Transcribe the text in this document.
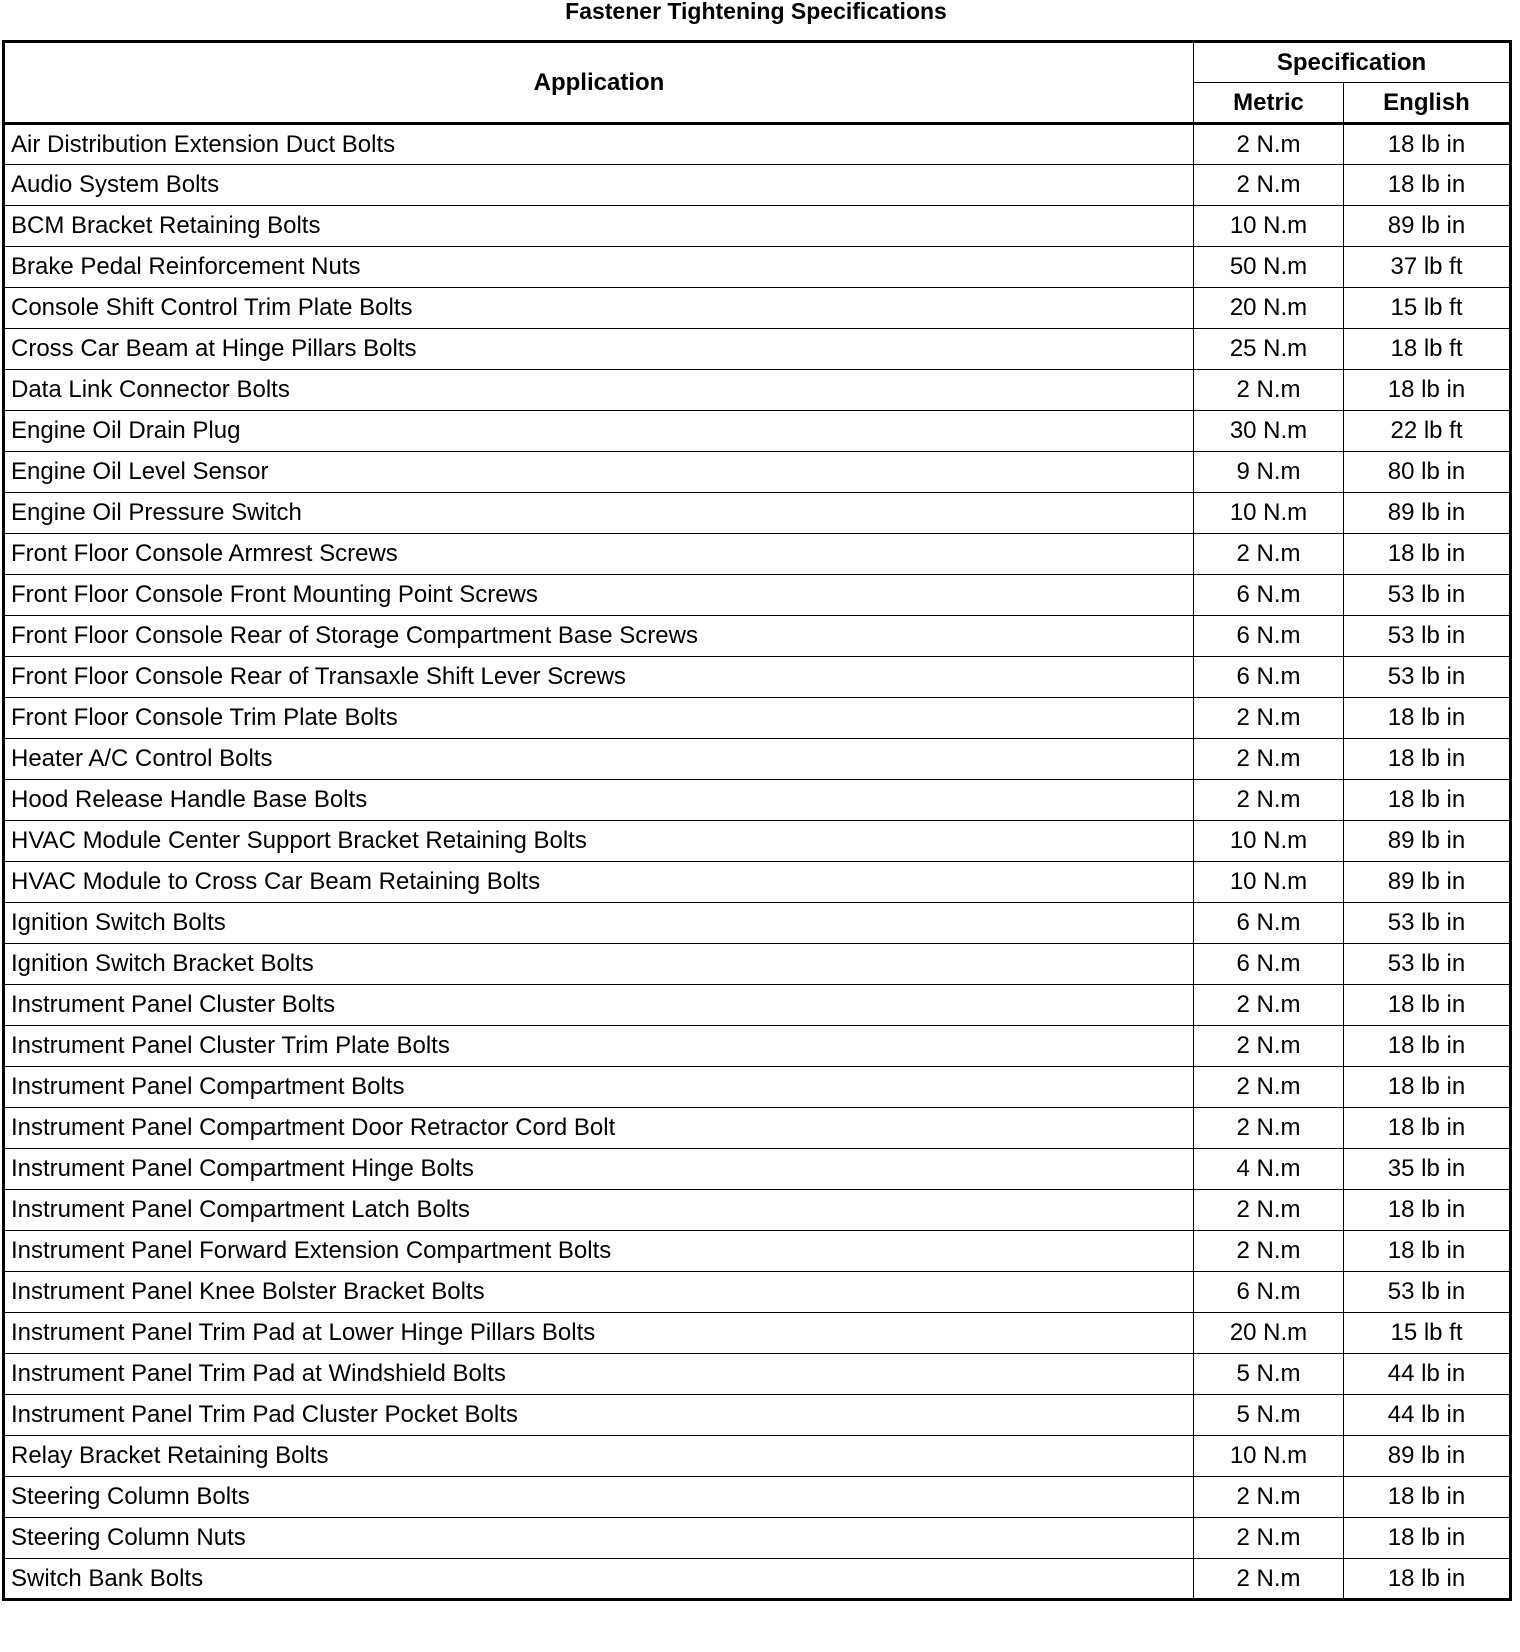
Fastener Tightening Specifications
Application	Specification	
	Metric	English
Air Distribution Extension Duct Bolts	2 N.m	18 lb in
Audio System Bolts	2 N.m	18 lb in
BCM Bracket Retaining Bolts	10 N.m	89 lb in
Brake Pedal Reinforcement Nuts	50 N.m	37 lb ft
Console Shift Control Trim Plate Bolts	20 N.m	15 lb ft
Cross Car Beam at Hinge Pillars Bolts	25 N.m	18 lb ft
Data Link Connector Bolts	2 N.m	18 lb in
Engine Oil Drain Plug	30 N.m	22 lb ft
Engine Oil Level Sensor	9 N.m	80 lb in
Engine Oil Pressure Switch	10 N.m	89 lb in
Front Floor Console Armrest Screws	2 N.m	18 lb in
Front Floor Console Front Mounting Point Screws	6 N.m	53 lb in
Front Floor Console Rear of Storage Compartment Base Screws	6 N.m	53 lb in
Front Floor Console Rear of Transaxle Shift Lever Screws	6 N.m	53 lb in
Front Floor Console Trim Plate Bolts	2 N.m	18 lb in
Heater A/C Control Bolts	2 N.m	18 lb in
Hood Release Handle Base Bolts	2 N.m	18 lb in
HVAC Module Center Support Bracket Retaining Bolts	10 N.m	89 lb in
HVAC Module to Cross Car Beam Retaining Bolts	10 N.m	89 lb in
Ignition Switch Bolts	6 N.m	53 lb in
Ignition Switch Bracket Bolts	6 N.m	53 lb in
Instrument Panel Cluster Bolts	2 N.m	18 lb in
Instrument Panel Cluster Trim Plate Bolts	2 N.m	18 lb in
Instrument Panel Compartment Bolts	2 N.m	18 lb in
Instrument Panel Compartment Door Retractor Cord Bolt	2 N.m	18 lb in
Instrument Panel Compartment Hinge Bolts	4 N.m	35 lb in
Instrument Panel Compartment Latch Bolts	2 N.m	18 lb in
Instrument Panel Forward Extension Compartment Bolts	2 N.m	18 lb in
Instrument Panel Knee Bolster Bracket Bolts	6 N.m	53 lb in
Instrument Panel Trim Pad at Lower Hinge Pillars Bolts	20 N.m	15 lb ft
Instrument Panel Trim Pad at Windshield Bolts	5 N.m	44 lb in
Instrument Panel Trim Pad Cluster Pocket Bolts	5 N.m	44 lb in
Relay Bracket Retaining Bolts	10 N.m	89 lb in
Steering Column Bolts	2 N.m	18 lb in
Steering Column Nuts	2 N.m	18 lb in
Switch Bank Bolts	2 N.m	18 lb in
